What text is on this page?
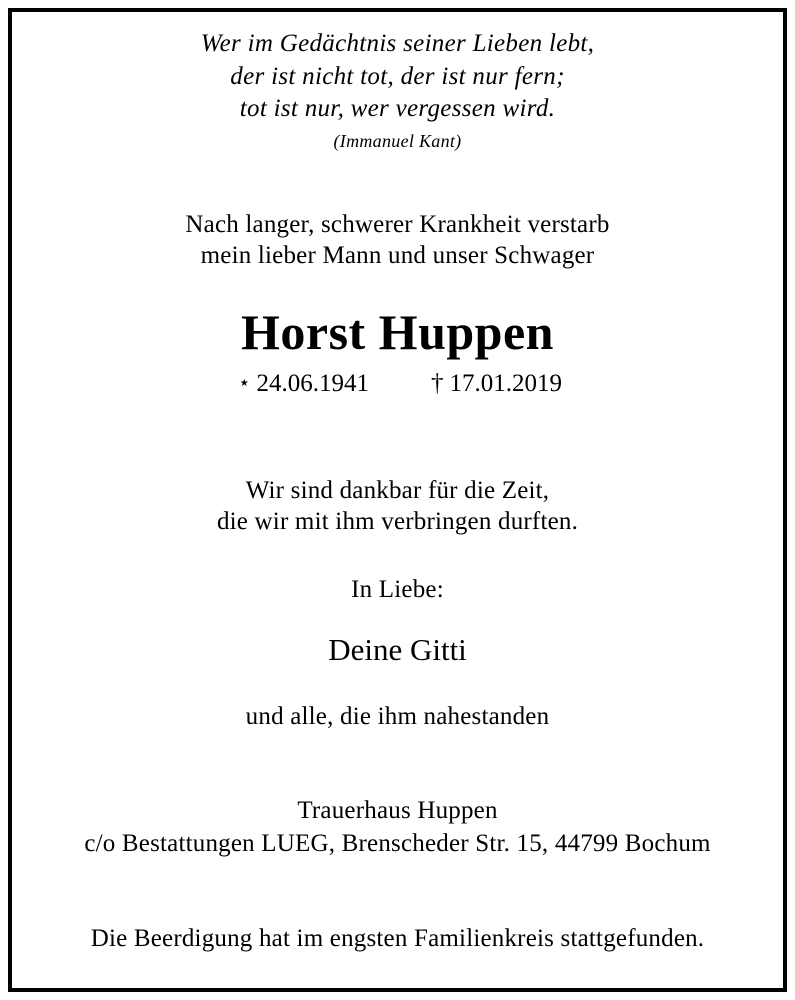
Wer im Gedächtnis seiner Lieben lebt,
der ist nicht tot, der ist nur fern;
tot ist nur, wer vergessen wird.
(Immanuel Kant)
Nach langer, schwerer Krankheit verstarb
mein lieber Mann und unser Schwager
Horst Huppen
⋆ 24.06.1941 † 17.01.2019
Wir sind dankbar für die Zeit,
die wir mit ihm verbringen durften.
In Liebe:
Deine Gitti
und alle, die ihm nahestanden
Trauerhaus Huppen
c/o Bestattungen LUEG, Brenscheder Str. 15, 44799 Bochum
Die Beerdigung hat im engsten Familienkreis stattgefunden.
